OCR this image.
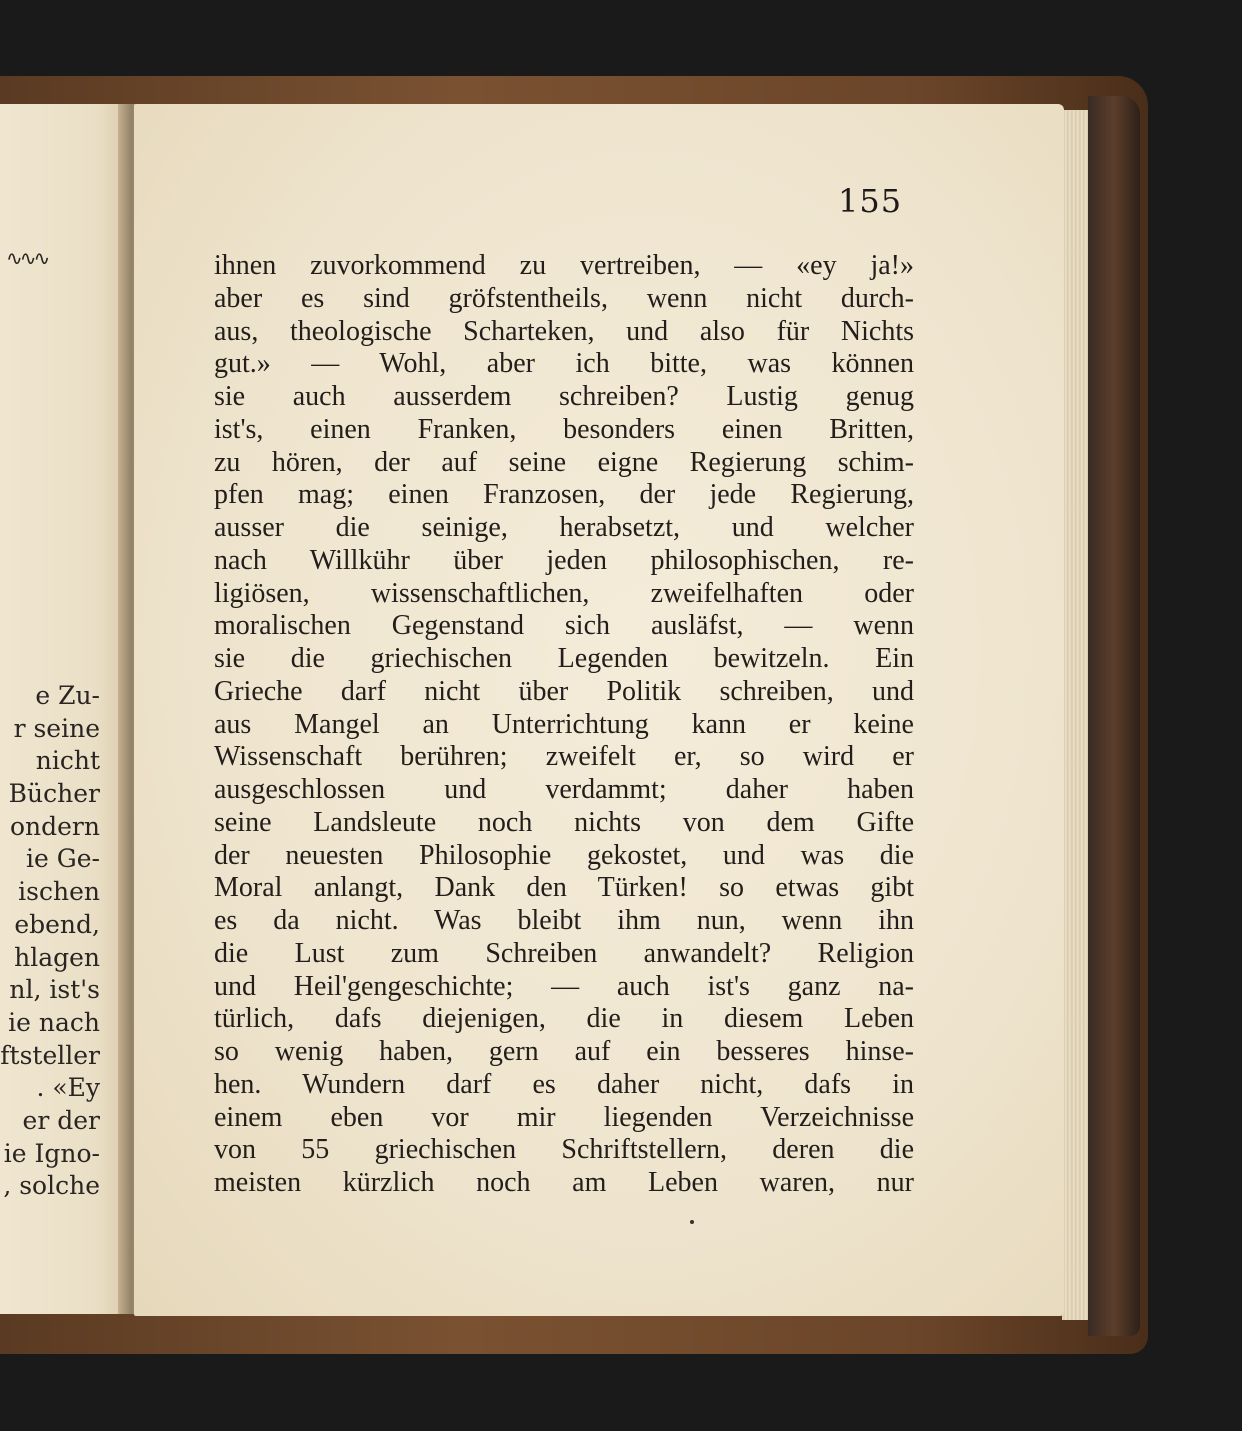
∿∿∿
e Zu-
r seine
nicht
Bücher
ondern
ie Ge-
ischen
ebend,
hlagen
nl, ist's
ie nach
ftsteller
. «Ey
er der
ie Igno-
, solche
155
ihnen zuvorkommend zu vertreiben, — «ey ja!»
aber es sind gröfstentheils, wenn nicht durch-
aus, theologische Scharteken, und also für Nichts
gut.» — Wohl, aber ich bitte, was können
sie auch ausserdem schreiben? Lustig genug
ist's, einen Franken, besonders einen Britten,
zu hören, der auf seine eigne Regierung schim-
pfen mag; einen Franzosen, der jede Regierung,
ausser die seinige, herabsetzt, und welcher
nach Willkühr über jeden philosophischen, re-
ligiösen, wissenschaftlichen, zweifelhaften oder
moralischen Gegenstand sich ausläfst, — wenn
sie die griechischen Legenden bewitzeln. Ein
Grieche darf nicht über Politik schreiben, und
aus Mangel an Unterrichtung kann er keine
Wissenschaft berühren; zweifelt er, so wird er
ausgeschlossen und verdammt; daher haben
seine Landsleute noch nichts von dem Gifte
der neuesten Philosophie gekostet, und was die
Moral anlangt, Dank den Türken! so etwas gibt
es da nicht. Was bleibt ihm nun, wenn ihn
die Lust zum Schreiben anwandelt? Religion
und Heil'gengeschichte; — auch ist's ganz na-
türlich, dafs diejenigen, die in diesem Leben
so wenig haben, gern auf ein besseres hinse-
hen. Wundern darf es daher nicht, dafs in
einem eben vor mir liegenden Verzeichnisse
von 55 griechischen Schriftstellern, deren die
meisten kürzlich noch am Leben waren, nur
